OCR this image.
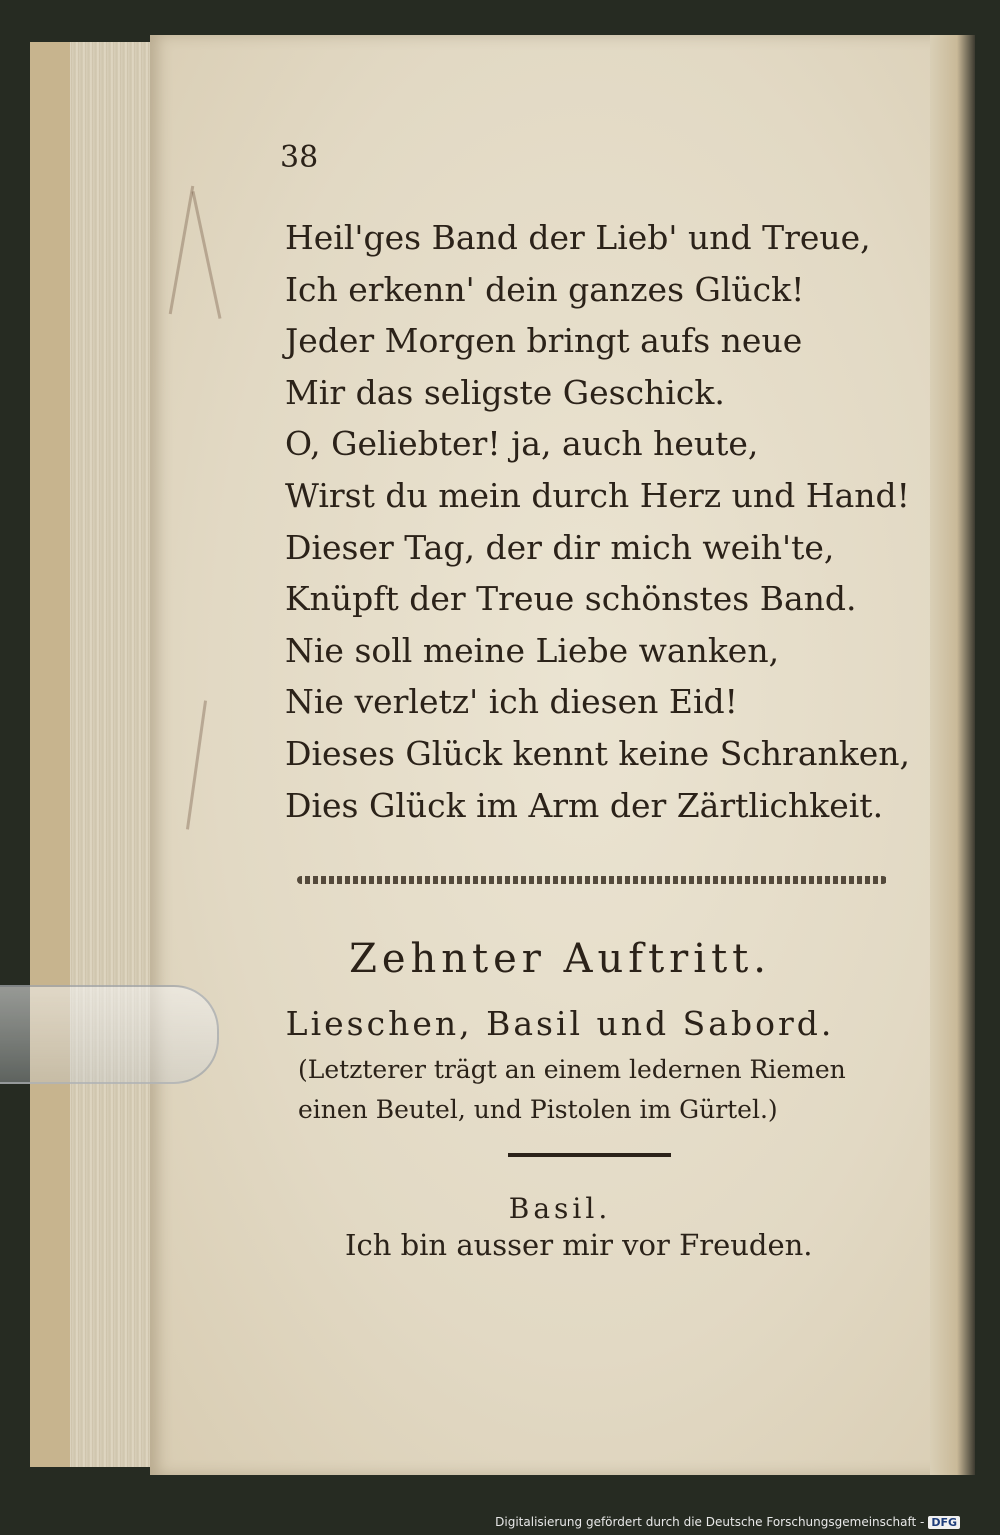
38
Heil'ges Band der Lieb' und Treue,
Ich erkenn' dein ganzes Glück!
Jeder Morgen bringt aufs neue
Mir das seligste Geschick.
O, Geliebter! ja, auch heute,
Wirst du mein durch Herz und Hand!
Dieser Tag, der dir mich weih'te,
Knüpft der Treue schönstes Band.
Nie soll meine Liebe wanken,
Nie verletz' ich diesen Eid!
Dieses Glück kennt keine Schranken,
Dies Glück im Arm der Zärtlichkeit.
Zehnter Auftritt.
Lieschen, Basil und Sabord.
(Letzterer trägt an einem ledernen Riemen einen Beutel, und Pistolen im Gürtel.)
Basil.
Ich bin ausser mir vor Freuden.
Digitalisierung gefördert durch die Deutsche Forschungsgemeinschaft - DFG
